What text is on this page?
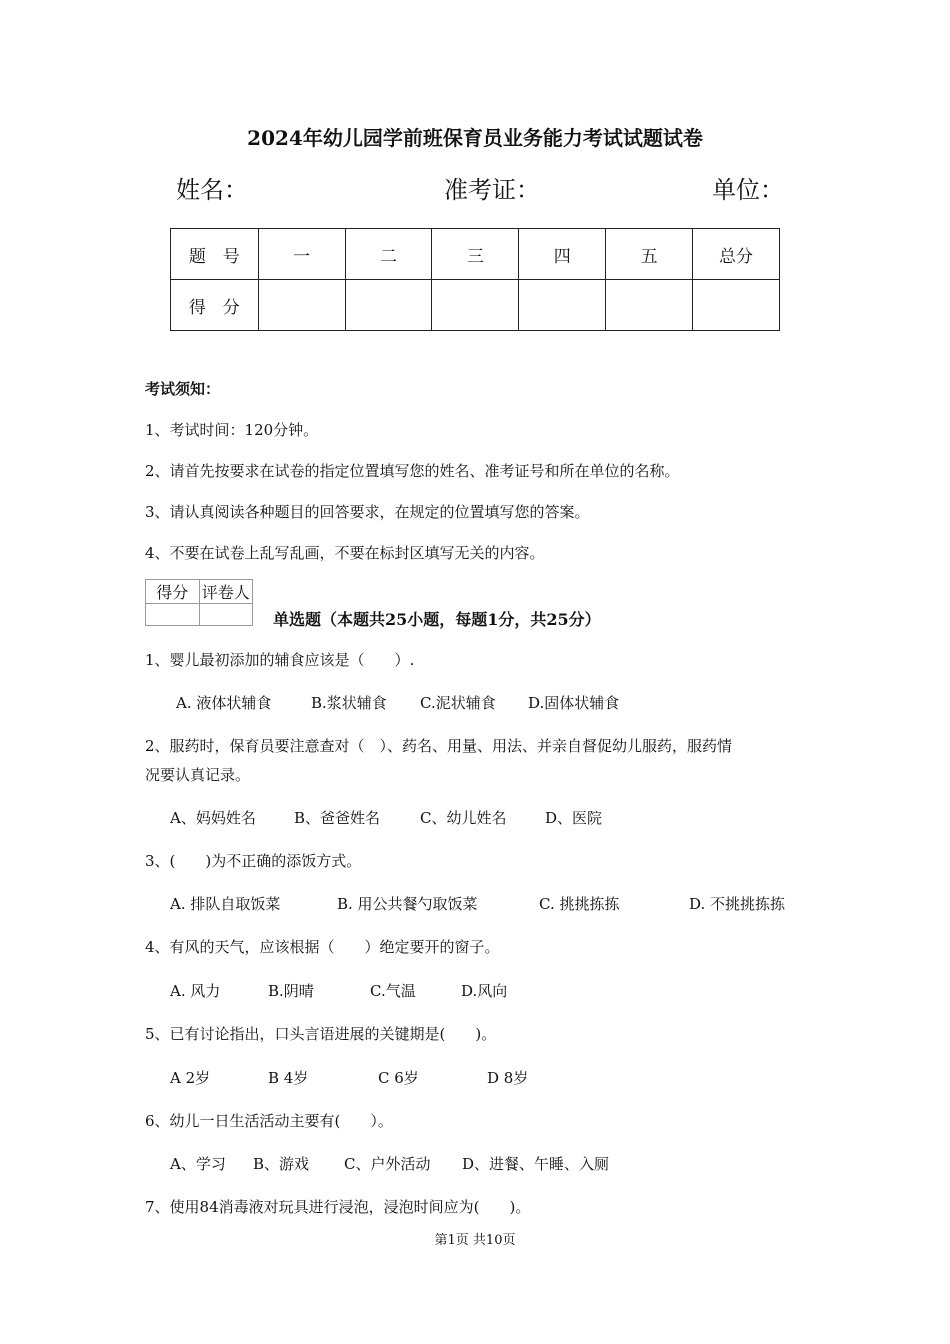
2024年幼儿园学前班保育员业务能力考试试题试卷
姓名：	准考证：	单位：
题　号	一	二	三	四	五	总分
得　分						
考试须知：
1、考试时间：120分钟。
2、请首先按要求在试卷的指定位置填写您的姓名、准考证号和所在单位的名称。
3、请认真阅读各种题目的回答要求，在规定的位置填写您的答案。
4、不要在试卷上乱写乱画，不要在标封区填写无关的内容。
得分	评卷人

单选题（本题共25小题，每题1分，共25分）
1、婴儿最初添加的辅食应该是（　　）.
A. 液体状辅食	B.浆状辅食 C.泥状辅食 D.固体状辅食
2、服药时，保育员要注意查对（　）、药名、用量、用法、并亲自督促幼儿服药，服药情
况要认真记录。
A、妈妈姓名	B、爸爸姓名	C、幼儿姓名	D、医院
3、(　　)为不正确的添饭方式。
A. 排队自取饭菜	B. 用公共餐勺取饭菜	C. 挑挑拣拣	D. 不挑挑拣拣
4、有风的天气，应该根据（　　）绝定要开的窗子。
A. 风力	B.阴晴	C.气温	D.风向
5、已有讨论指出，口头言语进展的关键期是(　　)。
A 2岁	B 4岁	C 6岁	D 8岁
6、幼儿一日生活活动主要有(　　）。
A、学习 B、游戏 C、户外活动 D、进餐、午睡、入厕
7、使用84消毒液对玩具进行浸泡，浸泡时间应为(　　)。
第1页 共10页
